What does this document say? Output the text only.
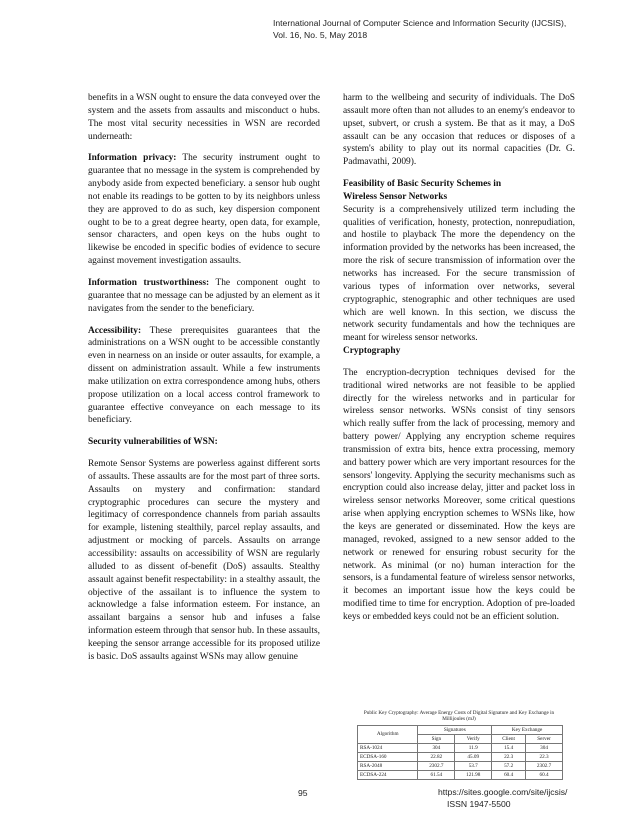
International Journal of Computer Science and Information Security (IJCSIS),
Vol. 16, No. 5, May 2018

benefits in a WSN ought to ensure the data conveyed over the system and the assets from assaults and misconduct o hubs. The most vital security necessities in WSN are recorded underneath:

Information privacy: The security instrument ought to guarantee that no message in the system is comprehended by anybody aside from expected beneficiary. a sensor hub ought not enable its readings to be gotten to by its neighbors unless they are approved to do as such, key dispersion component ought to be to a great degree hearty, open data, for example, sensor characters, and open keys on the hubs ought to likewise be encoded in specific bodies of evidence to secure against movement investigation assaults.

Information trustworthiness: The component ought to guarantee that no message can be adjusted by an element as it navigates from the sender to the beneficiary.

Accessibility: These prerequisites guarantees that the administrations on a WSN ought to be accessible constantly even in nearness on an inside or outer assaults, for example, a dissent on administration assault. While a few instruments make utilization on extra correspondence among hubs, others propose utilization on a local access control framework to guarantee effective conveyance on each message to its beneficiary.

Security vulnerabilities of WSN:

Remote Sensor Systems are powerless against different sorts of assaults. These assaults are for the most part of three sorts. Assaults on mystery and confirmation: standard cryptographic procedures can secure the mystery and legitimacy of correspondence channels from pariah assaults for example, listening stealthily, parcel replay assaults, and adjustment or mocking of parcels. Assaults on arrange accessibility: assaults on accessibility of WSN are regularly alluded to as dissent of-benefit (DoS) assaults. Stealthy assault against benefit respectability: in a stealthy assault, the objective of the assailant is to influence the system to acknowledge a false information esteem. For instance, an assailant bargains a sensor hub and infuses a false information esteem through that sensor hub. In these assaults, keeping the sensor arrange accessible for its proposed utilize is basic. DoS assaults against WSNs may allow genuine

harm to the wellbeing and security of individuals. The DoS assault more often than not alludes to an enemy's endeavor to upset, subvert, or crush a system. Be that as it may, a DoS assault can be any occasion that reduces or disposes of a system's ability to play out its normal capacities (Dr. G. Padmavathi, 2009).

Feasibility of Basic Security Schemes in
Wireless Sensor Networks

Security is a comprehensively utilized term including the qualities of verification, honesty, protection, nonrepudiation, and hostile to playback The more the dependency on the information provided by the networks has been increased, the more the risk of secure transmission of information over the networks has increased. For the secure transmission of various types of information over networks, several cryptographic, stenographic and other techniques are used which are well known. In this section, we discuss the network security fundamentals and how the techniques are meant for wireless sensor networks.

Cryptography

The encryption-decryption techniques devised for the traditional wired networks are not feasible to be applied directly for the wireless networks and in particular for wireless sensor networks. WSNs consist of tiny sensors which really suffer from the lack of processing, memory and battery power/ Applying any encryption scheme requires transmission of extra bits, hence extra processing, memory and battery power which are very important resources for the sensors' longevity. Applying the security mechanisms such as encryption could also increase delay, jitter and packet loss in wireless sensor networks Moreover, some critical questions arise when applying encryption schemes to WSNs like, how the keys are generated or disseminated. How the keys are managed, revoked, assigned to a new sensor added to the network or renewed for ensuring robust security for the network. As minimal (or no) human interaction for the sensors, is a fundamental feature of wireless sensor networks, it becomes an important issue how the keys could be modified time to time for encryption. Adoption of pre-loaded keys or embedded keys could not be an efficient solution.

Public Key Cryptography: Average Energy Costs of Digital Signature and Key Exchange in
Millijoules (mJ)
Algorithm	Signatures		Key Exchange	
	Sign	Verify	Client	Server
RSA-1024	304	11.9	15.4	304
ECDSA-160	22.82	45.09	22.3	22.3
RSA-2048	2302.7	53.7	57.2	2302.7
ECDSA-224	61.54	121.98	60.4	60.4
95	https://sites.google.com/site/ijcsis/
ISSN 1947-5500
